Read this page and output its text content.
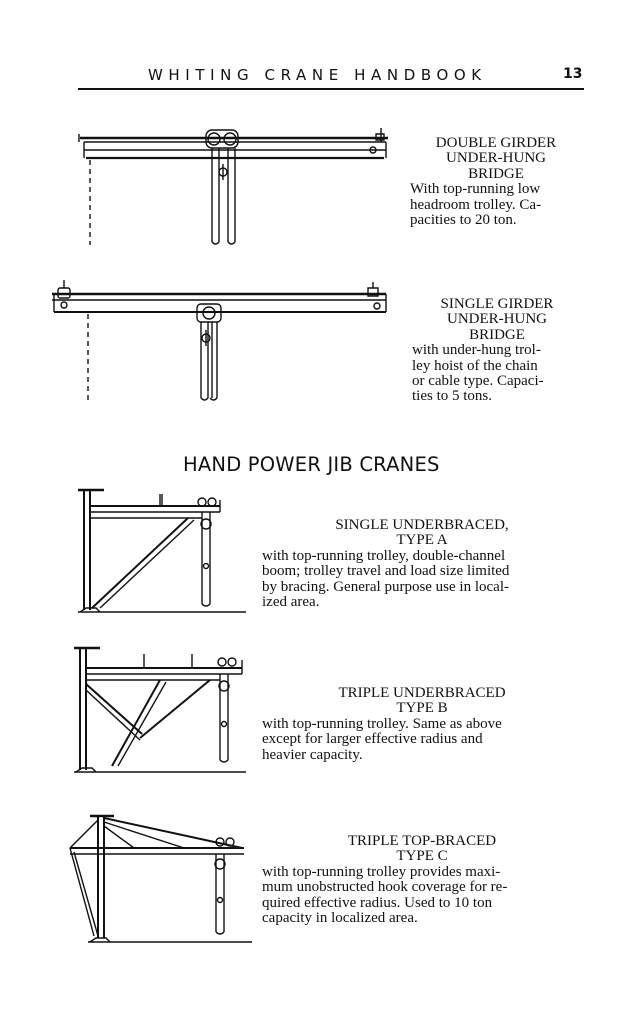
WHITING CRANE HANDBOOK	13
DOUBLE GIRDER
UNDER-HUNG
BRIDGE
With top-running low
headroom trolley. Ca-
pacities to 20 ton.
SINGLE GIRDER
UNDER-HUNG
BRIDGE
with under-hung trol-
ley hoist of the chain
or cable type. Capaci-
ties to 5 tons.
HAND POWER JIB CRANES
SINGLE UNDERBRACED,
TYPE A
with top-running trolley, double-channel
boom; trolley travel and load size limited
by bracing. General purpose use in local-
ized area.
TRIPLE UNDERBRACED
TYPE B
with top-running trolley. Same as above
except for larger effective radius and
heavier capacity.
TRIPLE TOP-BRACED
TYPE C
with top-running trolley provides maxi-
mum unobstructed hook coverage for re-
quired effective radius. Used to 10 ton
capacity in localized area.
